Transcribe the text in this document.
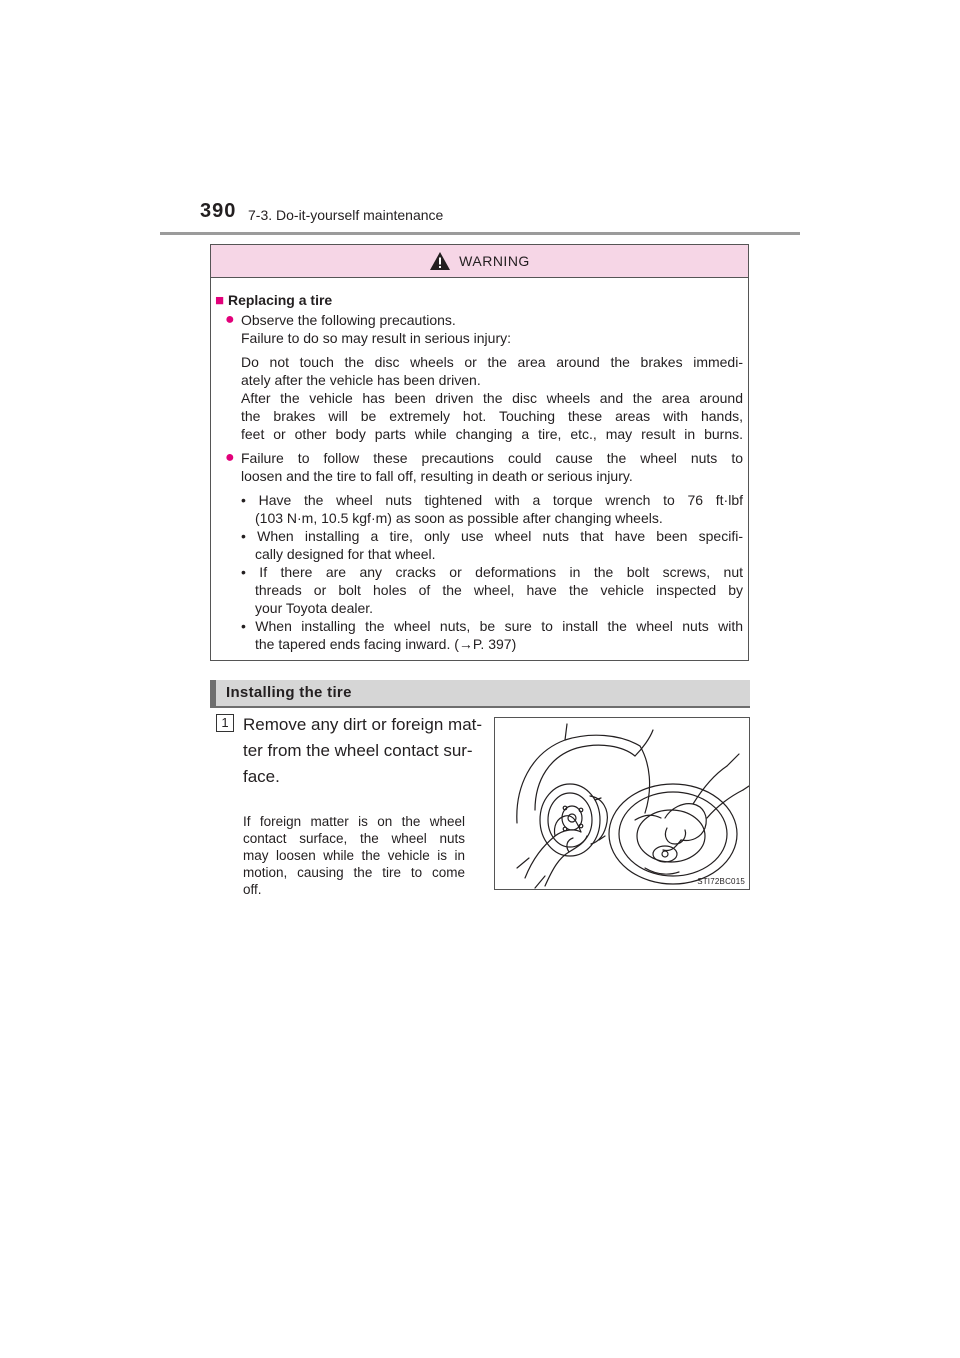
390 7-3. Do-it-yourself maintenance
WARNING
■ Replacing a tire
● Observe the following precautions.
Failure to do so may result in serious injury:
Do not touch the disc wheels or the area around the brakes immedi-
ately after the vehicle has been driven.
After the vehicle has been driven the disc wheels and the area around
the brakes will be extremely hot. Touching these areas with hands,
feet or other body parts while changing a tire, etc., may result in burns.
● Failure to follow these precautions could cause the wheel nuts to
loosen and the tire to fall off, resulting in death or serious injury.
• Have the wheel nuts tightened with a torque wrench to 76 ft·lbf
(103 N·m, 10.5 kgf·m) as soon as possible after changing wheels.
• When installing a tire, only use wheel nuts that have been specifi-
cally designed for that wheel.
• If there are any cracks or deformations in the bolt screws, nut
threads or bolt holes of the wheel, have the vehicle inspected by
your Toyota dealer.
• When installing the wheel nuts, be sure to install the wheel nuts with
the tapered ends facing inward. (→P. 397)
Installing the tire
1 Remove any dirt or foreign mat-
ter from the wheel contact sur-
face.
If foreign matter is on the wheel
contact surface, the wheel nuts
may loosen while the vehicle is in
motion, causing the tire to come
off.
STI72BC015
